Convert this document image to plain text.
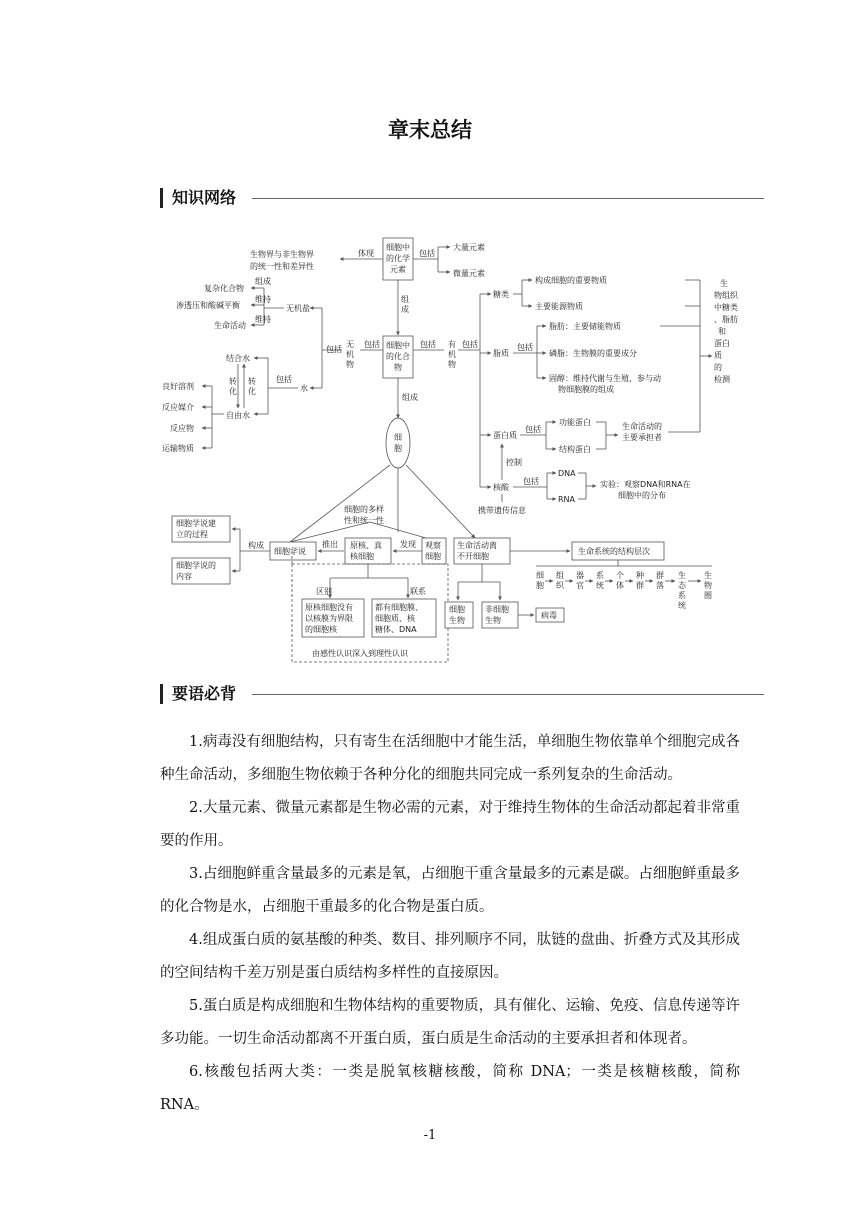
章末总结
知识网络
细胞中
的化学
元素
包括
大量元素
微量元素
体现
生物界与非生物界
的统一性和差异性
组
成
细胞中
的化合
物
组成
细
胞
包括
无
机
物
包括
无机盐
水
组成
维持
维持
复杂化合物
渗透压和酸碱平衡
生命活动
包括
结合水
自由水
转
化
转
化
良好溶剂
反应媒介
反应物
运输物质
包括 有
机
物
包括
糖类
构成细胞的重要物质
主要能源物质
脂质
包括
脂肪：主要储能物质
磷脂：生物膜的重要成分
固醇：维持代谢与生殖，参与动
物细胞膜的组成
蛋白质
包括
功能蛋白
结构蛋白
生命活动的
主要承担者
控制
核酸
包括
DNA
RNA
实验：观察DNA和RNA在
细胞中的分布
携带遗传信息
生
物 组 织
中 糖 类
、 脂 肪
和
蛋 白
质
的
检 测
细胞的多样
性和统一性
细胞学说建
立的过程
细胞学说的
内容
构成
细胞学说
推出 原核、真
核细胞
发现 观察
细胞
区别	联系
原核细胞没有
以核膜为界限
的细胞核
都有细胞膜、
细胞质、核
糖体、DNA
由感性认识深入到理性认识
生命活动离
不开细胞
生命系统的结构层次
细
胞
组
织
器
官
系
统
个
体
种
群
群
落
生
态
系
统
生
物
圈
细胞
生物
非细胞
生物
病毒
要语必背

1.病毒没有细胞结构，只有寄生在活细胞中才能生活，单细胞生物依靠单个细胞完成各种生命活动，多细胞生物依赖于各种分化的细胞共同完成一系列复杂的生命活动。

2.大量元素、微量元素都是生物必需的元素，对于维持生物体的生命活动都起着非常重要的作用。

3.占细胞鲜重含量最多的元素是氧，占细胞干重含量最多的元素是碳。占细胞鲜重最多的化合物是水，占细胞干重最多的化合物是蛋白质。

4.组成蛋白质的氨基酸的种类、数目、排列顺序不同，肽链的盘曲、折叠方式及其形成的空间结构千差万别是蛋白质结构多样性的直接原因。

5.蛋白质是构成细胞和生物体结构的重要物质，具有催化、运输、免疫、信息传递等许多功能。一切生命活动都离不开蛋白质，蛋白质是生命活动的主要承担者和体现者。

6.核酸包括两大类：一类是脱氧核糖核酸，简称 DNA；一类是核糖核酸，简称 RNA。

-1
